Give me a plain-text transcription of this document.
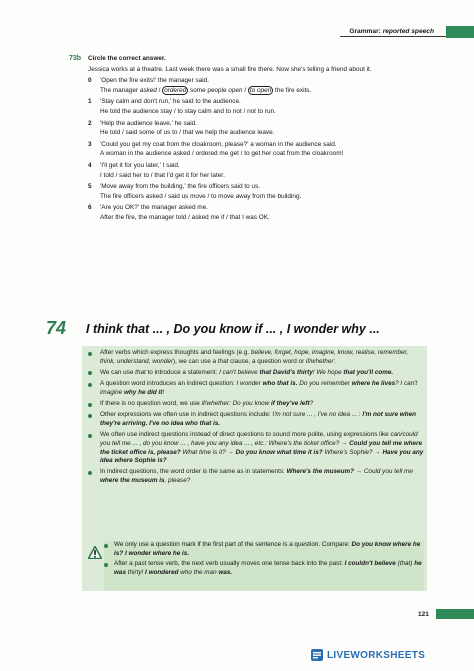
Grammar: reported speech
73b Circle the correct answer.
Jessica works at a theatre. Last week there was a small fire there. Now she's telling a friend about it.
0	'Open the fire exits!' the manager said.
The manager asked / ordered some people open / to open the fire exits.
1	'Stay calm and don't run,' he said to the audience.
He told the audience stay / to stay calm and to not / not to run.
2	'Help the audience leave,' he said.
He told / said some of us to / that we help the audience leave.
3	'Could you get my coat from the cloakroom, please?' a woman in the audience said.
A woman in the audience asked / ordered me get / to get her coat from the cloakroom!
4	'I'll get it for you later,' I said.
I told / said her to / that I'd get it for her later.
5	'Move away from the building,' the fire officers said to us.
The fire officers asked / said us move / to move away from the building.
6	'Are you OK?' the manager asked me.
After the fire, the manager told / asked me if / that I was OK.
74 I think that ... , Do you know if ... , I wonder why ...
After verbs which express thoughts and feelings (e.g. believe, forget, hope, imagine, know, realise, remember, think, understand, wonder), we can use a that clause, a question word or if/whether:
We can use that to introduce a statement: I can't believe that David's thirty! We hope that you'll come.
A question word introduces an indirect question: I wonder who that is. Do you remember where he lives? I can't imagine why he did it!
If there is no question word, we use if/whether: Do you know if they've left?
Other expressions we often use in indirect questions include: I'm not sure ... , I've no idea ... : I'm not sure when they're arriving. I've no idea who that is.
We often use indirect questions instead of direct questions to sound more polite, using expressions like can/could you tell me ... , do you know ... , have you any idea ... , etc.: Where's the ticket office? → Could you tell me where the ticket office is, please? What time is it? → Do you know what time it is? Where's Sophie? → Have you any idea where Sophie is?
In indirect questions, the word order is the same as in statements: Where's the museum? → Could you tell me where the museum is, please?
We only use a question mark if the first part of the sentence is a question. Compare: Do you know where he is? I wonder where he is.
After a past tense verb, the next verb usually moves one tense back into the past: I couldn't believe (that) he was thirty! I wondered who the man was.
121
LIVEWORKSHEETS
